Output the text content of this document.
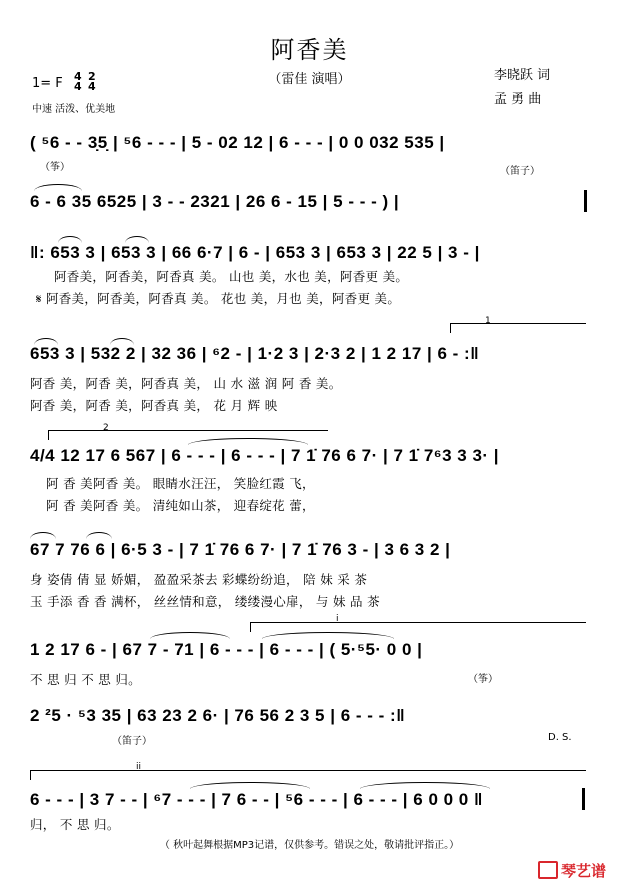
阿香美
（雷佳 演唱）
1= F 4
4
2
4
中速 活泼、优美地
李晓跃 词
孟 勇 曲
( ⁵6 - - 3̣5̣ | ⁵6 - - - | 5 - 02 12 | 6 - - - | 0 0 032 535 |
（筝）	（笛子）
6 - 6 35 6525 | 3 - - 2321 | 26 6 - 15 | 5 - - - ) |
‖: 653 3 | 653 3 | 66 6·7 | 6 - | 653 3 | 653 3 | 22 5 | 3 - |
阿香美，阿香美，阿香真 美。 山也 美，水也 美，阿香更 美。
𝄋 阿香美，阿香美，阿香真 美。 花也 美，月也 美，阿香更 美。
1
653 3 | 532 2 | 32 36 | ⁶2 - | 1·2 3 | 2·3 2 | 1 2 17 | 6 - :‖
阿香 美，阿香 美，阿香真 美， 山 水 滋 润 阿 香 美。
阿香 美，阿香 美，阿香真 美， 花 月 辉 映
2
4/4 12 17 6 567 | 6 - - - | 6 - - - | 7 1̇ 76 6 7· | 7 1̇ 7⁶3 3 3· |
阿 香 美阿香 美。 眼睛水汪汪， 笑脸红霞 飞，
阿 香 美阿香 美。 清纯如山茶， 迎春绽花 蕾，
67 7 76 6 | 6·5 3 - | 7 1̇ 76 6 7· | 7 1̇ 76 3 - | 3 6 3 2 |
身 姿倩 倩 显 娇媚， 盈盈采茶去 彩蝶纷纷追， 陪 妹 采 茶
玉 手添 香 香 满杯， 丝丝情和意， 缕缕漫心扉， 与 妹 品 茶
i
1 2 17 6 - | 67 7 - 71 | 6 - - - | 6 - - - | ( 5·⁵5· 0 0 |
不 思 归 不 思 归。	（筝）
2 ²5 · ⁵3 35 | 63 23 2 6· | 76 56 2 3 5 | 6 - - - :‖
（笛子）	D. S.
ii
6 - - - | 3 7 - - | ⁶7 - - - | 7 6 - - | ⁵6 - - - | 6 - - - | 6 0 0 0 ‖
归， 不 思 归。
（ 秋叶起舞根据MP3记谱，仅供参考。错误之处，敬请批评指正。）
琴艺谱
